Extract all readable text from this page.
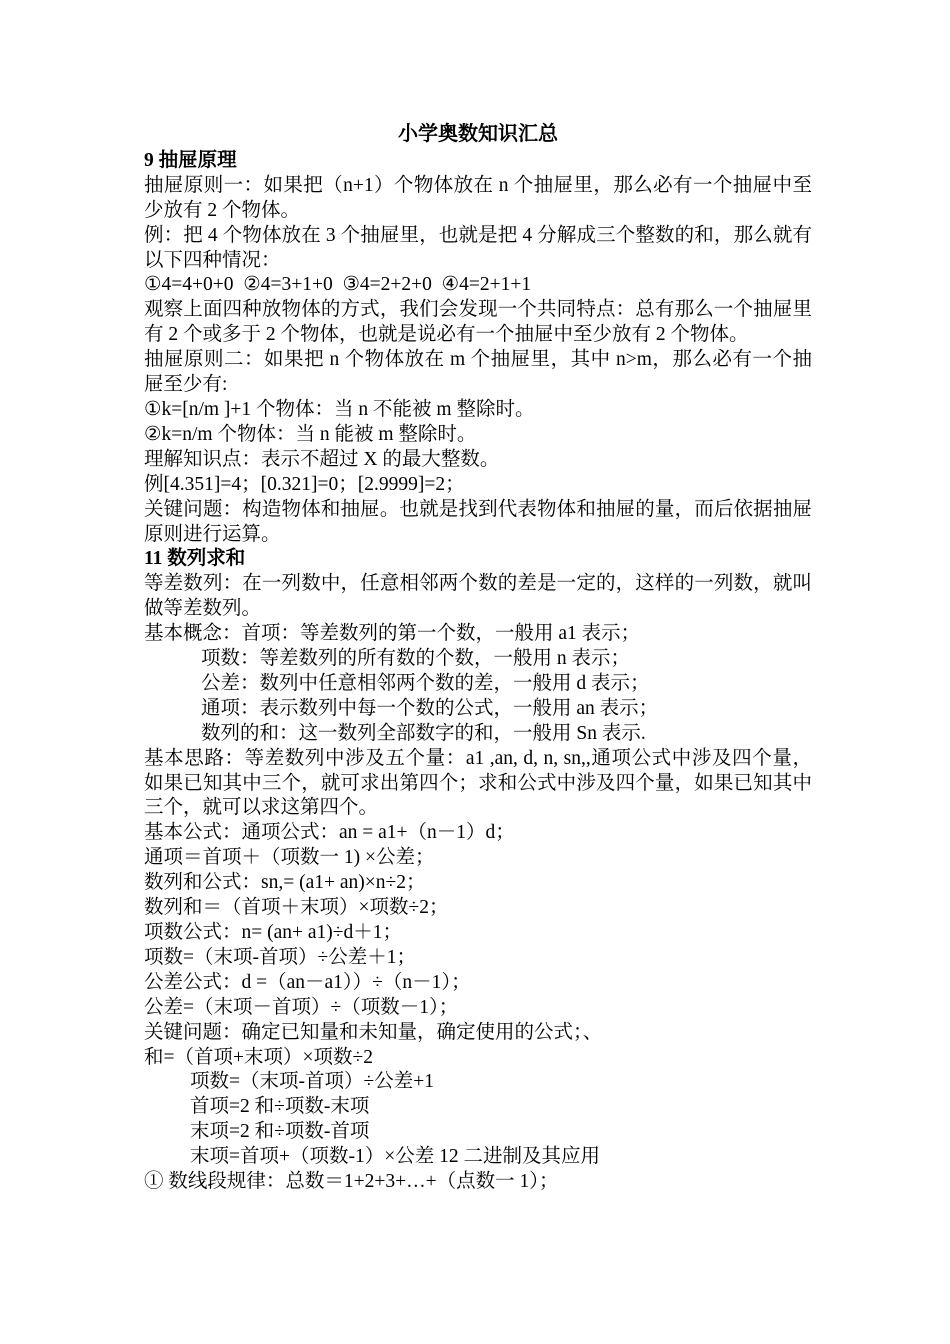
小学奥数知识汇总
9 抽屉原理
抽屉原则一：如果把（n+1）个物体放在 n 个抽屉里，那么必有一个抽屉中至少放有 2 个物体。
例：把 4 个物体放在 3 个抽屉里，也就是把 4 分解成三个整数的和，那么就有以下四种情况：
①4=4+0+0  ②4=3+1+0  ③4=2+2+0  ④4=2+1+1
观察上面四种放物体的方式，我们会发现一个共同特点：总有那么一个抽屉里有 2 个或多于 2 个物体，也就是说必有一个抽屉中至少放有 2 个物体。
抽屉原则二：如果把 n 个物体放在 m 个抽屉里，其中 n>m，那么必有一个抽屉至少有:
①k=[n/m ]+1 个物体：当 n 不能被 m 整除时。
②k=n/m 个物体：当 n 能被 m 整除时。
理解知识点：表示不超过 X 的最大整数。
例[4.351]=4；[0.321]=0；[2.9999]=2；
关键问题：构造物体和抽屉。也就是找到代表物体和抽屉的量，而后依据抽屉原则进行运算。
11 数列求和
等差数列：在一列数中，任意相邻两个数的差是一定的，这样的一列数，就叫做等差数列。
基本概念：首项：等差数列的第一个数，一般用 a1 表示；
项数：等差数列的所有数的个数，一般用 n 表示；
公差：数列中任意相邻两个数的差，一般用 d 表示；
通项：表示数列中每一个数的公式，一般用 an 表示；
数列的和：这一数列全部数字的和，一般用 Sn 表示.
基本思路：等差数列中涉及五个量：a1 ,an, d, n, sn,,通项公式中涉及四个量，如果已知其中三个，就可求出第四个；求和公式中涉及四个量，如果已知其中三个，就可以求这第四个。
基本公式：通项公式：an = a1+（n－1）d；
通项＝首项＋（项数一 1) ×公差；
数列和公式：sn,= (a1+ an)×n÷2；
数列和＝（首项＋末项）×项数÷2；
项数公式：n= (an+ a1)÷d＋1；
项数=（末项-首项）÷公差＋1；
公差公式：d =（an－a1））÷（n－1）；
公差=（末项－首项）÷（项数－1）；
关键问题：确定已知量和未知量，确定使用的公式；、
和=（首项+末项）×项数÷2
项数=（末项-首项）÷公差+1
首项=2 和÷项数-末项
末项=2 和÷项数-首项
末项=首项+（项数-1）×公差 12 二进制及其应用
① 数线段规律：总数＝1+2+3+…+（点数一 1）；
